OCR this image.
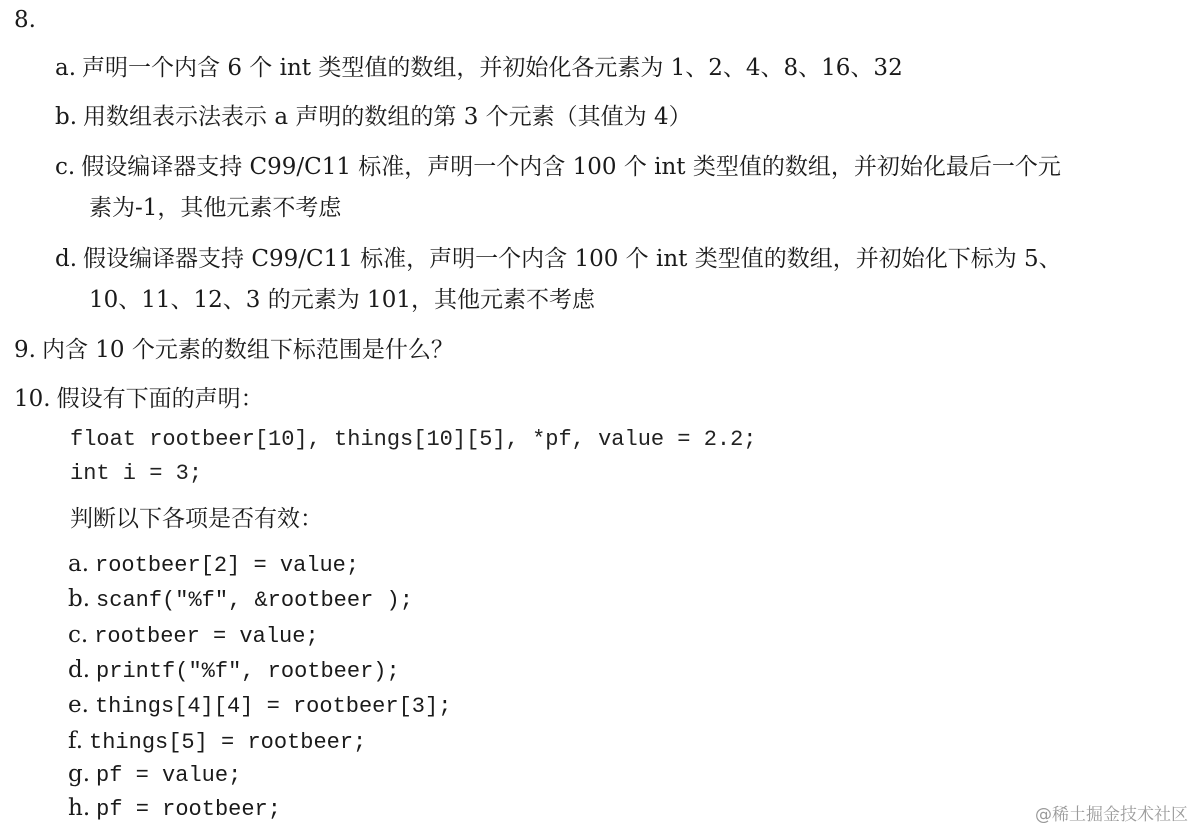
8.
a. 声明一个内含 6 个 int 类型值的数组，并初始化各元素为 1、2、4、8、16、32
b. 用数组表示法表示 a 声明的数组的第 3 个元素（其值为 4）
c. 假设编译器支持 C99/C11 标准，声明一个内含 100 个 int 类型值的数组，并初始化最后一个元
素为-1，其他元素不考虑
d. 假设编译器支持 C99/C11 标准，声明一个内含 100 个 int 类型值的数组，并初始化下标为 5、
10、11、12、3 的元素为 101，其他元素不考虑
9. 内含 10 个元素的数组下标范围是什么？
10. 假设有下面的声明：
float rootbeer[10], things[10][5], *pf, value = 2.2;
int i = 3;
判断以下各项是否有效：
a. rootbeer[2] = value;
b. scanf("%f", &rootbeer );
c. rootbeer = value;
d. printf("%f", rootbeer);
e. things[4][4] = rootbeer[3];
f. things[5] = rootbeer;
g. pf = value;
h. pf = rootbeer;	@稀土掘金技术社区
